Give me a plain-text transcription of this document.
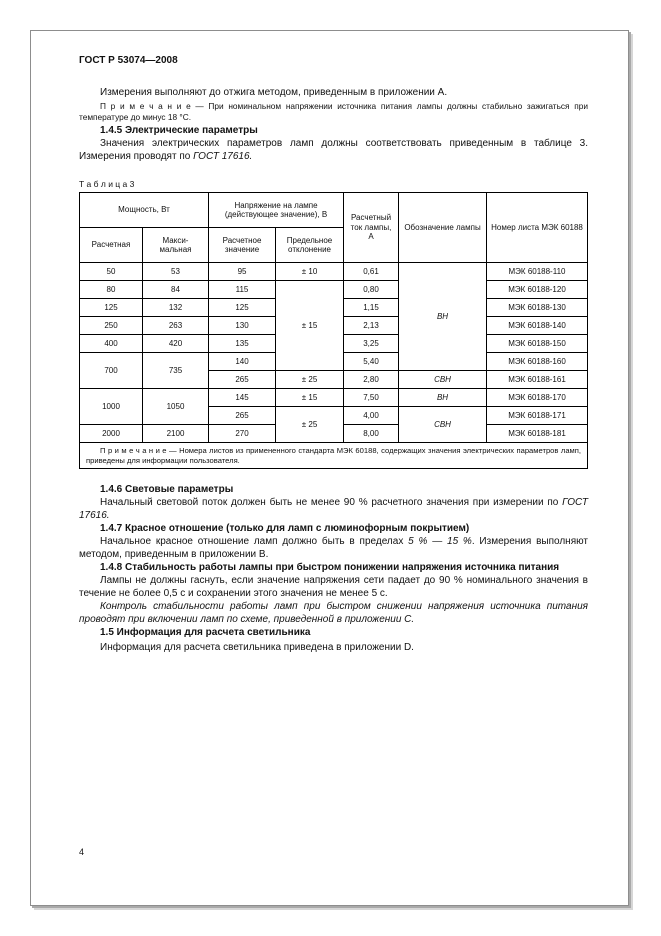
ГОСТ Р 53074—2008

Измерения выполняют до отжига методом, приведенным в приложении А.

П р и м е ч а н и е — При номинальном напряжении источника питания лампы должны стабильно зажигаться при температуре до минус 18 °С.

1.4.5 Электрические параметры

Значения электрических параметров ламп должны соответствовать приведенным в таблице 3. Измерения проводят по ГОСТ 17616.

Т а б л и ц а 3
Мощность, Вт		Напряжение на лампе (действующее значение), В		Расчетный ток лампы, А	Обозначение лампы	Номер листа МЭК 60188
Расчетная	Макси- мальная	Расчетное значение	Предельное отклонение			
50	53	95	± 10	0,61	ВН	МЭК 60188-110
80	84	115	± 15	0,80		МЭК 60188-120
125	132	125		1,15		МЭК 60188-130
250	263	130		2,13		МЭК 60188-140
400	420	135		3,25		МЭК 60188-150
700	735	140		5,40		МЭК 60188-160
		265	± 25	2,80	СВН	МЭК 60188-161
1000	1050	145	± 15	7,50	ВН	МЭК 60188-170
		265	± 25	4,00	СВН	МЭК 60188-171
2000	2100	270		8,00		МЭК 60188-181
П р и м е ч а н и е — Номера листов из примененного стандарта МЭК 60188, содержащих значения электрических параметров ламп, приведены для информации пользователя.						

1.4.6 Световые параметры

Начальный световой поток должен быть не менее 90 % расчетного значения при измерении по ГОСТ 17616.

1.4.7 Красное отношение (только для ламп с люминофорным покрытием)

Начальное красное отношение ламп должно быть в пределах 5 % — 15 %. Измерения выполняют методом, приведенным в приложении В.

1.4.8 Стабильность работы лампы при быстром понижении напряжения источника питания

Лампы не должны гаснуть, если значение напряжения сети падает до 90 % номинального значения в течение не более 0,5 с и сохранении этого значения не менее 5 с.

Контроль стабильности работы ламп при быстром снижении напряжения источника питания проводят при включении ламп по схеме, приведенной в приложении С.

1.5 Информация для расчета светильника

Информация для расчета светильника приведена в приложении D.

4
